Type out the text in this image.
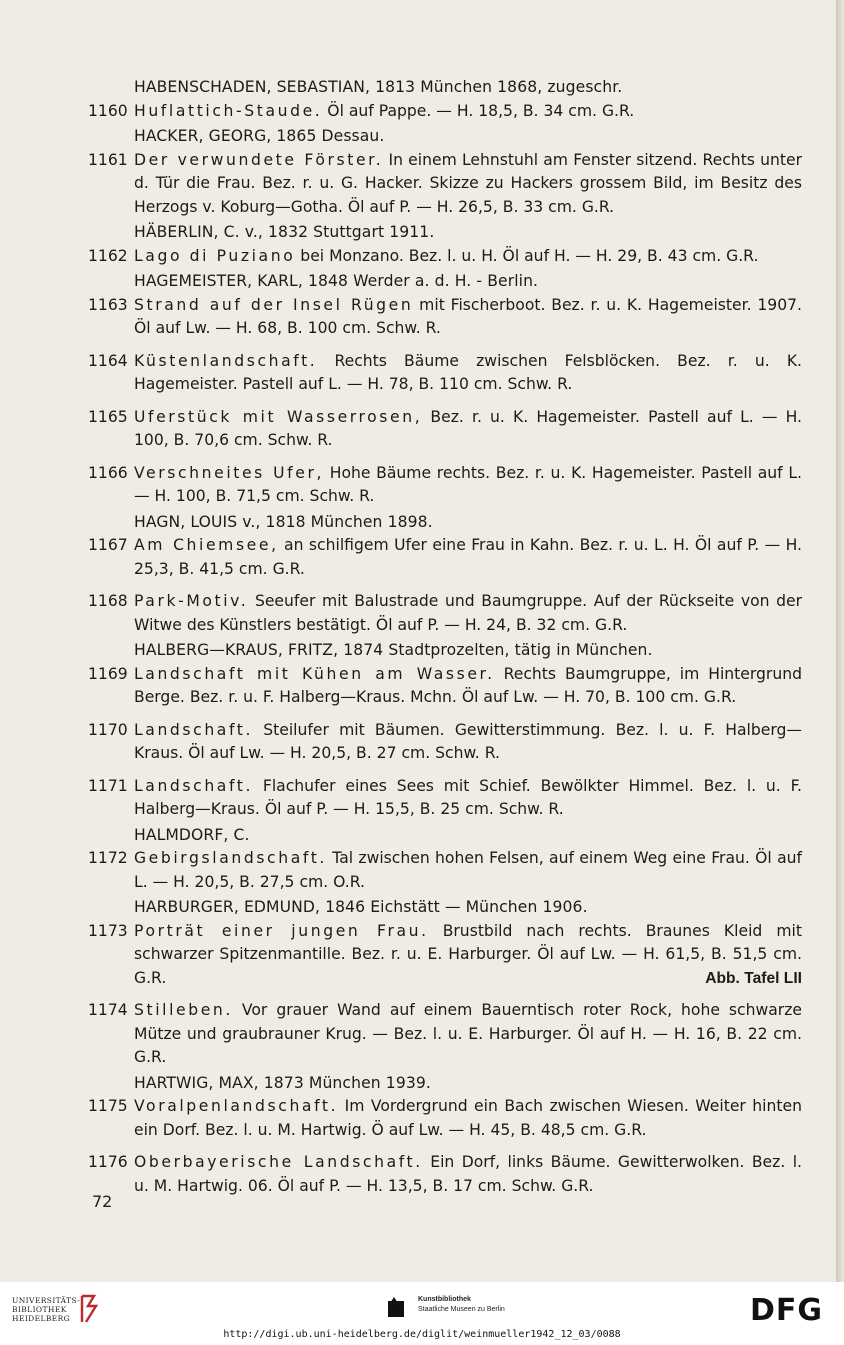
HABENSCHADEN, SEBASTIAN, 1813 München 1868, zugeschr.
1160 Huflattich-Staude. Öl auf Pappe. — H. 18,5, B. 34 cm. G.R.
HACKER, GEORG, 1865 Dessau.
1161 Der verwundete Förster. In einem Lehnstuhl am Fenster sitzend. Rechts unter d. Tür die Frau. Bez. r. u. G. Hacker. Skizze zu Hackers grossem Bild, im Besitz des Herzogs v. Koburg—Gotha. Öl auf P. — H. 26,5, B. 33 cm. G.R.
HÄBERLIN, C. v., 1832 Stuttgart 1911.
1162 Lago di Puziano bei Monzano. Bez. l. u. H. Öl auf H. — H. 29, B. 43 cm. G.R.
HAGEMEISTER, KARL, 1848 Werder a. d. H. - Berlin.
1163 Strand auf der Insel Rügen mit Fischerboot. Bez. r. u. K. Hagemeister. 1907. Öl auf Lw. — H. 68, B. 100 cm. Schw. R.
1164 Küstenlandschaft. Rechts Bäume zwischen Felsblöcken. Bez. r. u. K. Hagemeister. Pastell auf L. — H. 78, B. 110 cm. Schw. R.
1165 Uferstück mit Wasserrosen, Bez. r. u. K. Hagemeister. Pastell auf L. — H. 100, B. 70,6 cm. Schw. R.
1166 Verschneites Ufer, Hohe Bäume rechts. Bez. r. u. K. Hagemeister. Pastell auf L. — H. 100, B. 71,5 cm. Schw. R.
HAGN, LOUIS v., 1818 München 1898.
1167 Am Chiemsee, an schilfigem Ufer eine Frau in Kahn. Bez. r. u. L. H. Öl auf P. — H. 25,3, B. 41,5 cm. G.R.
1168 Park-Motiv. Seeufer mit Balustrade und Baumgruppe. Auf der Rückseite von der Witwe des Künstlers bestätigt. Öl auf P. — H. 24, B. 32 cm. G.R.
HALBERG—KRAUS, FRITZ, 1874 Stadtprozelten, tätig in München.
1169 Landschaft mit Kühen am Wasser. Rechts Baumgruppe, im Hintergrund Berge. Bez. r. u. F. Halberg—Kraus. Mchn. Öl auf Lw. — H. 70, B. 100 cm. G.R.
1170 Landschaft. Steilufer mit Bäumen. Gewitterstimmung. Bez. l. u. F. Halberg—Kraus. Öl auf Lw. — H. 20,5, B. 27 cm. Schw. R.
1171 Landschaft. Flachufer eines Sees mit Schief. Bewölkter Himmel. Bez. l. u. F. Halberg—Kraus. Öl auf P. — H. 15,5, B. 25 cm. Schw. R.
HALMDORF, C.
1172 Gebirgslandschaft. Tal zwischen hohen Felsen, auf einem Weg eine Frau. Öl auf L. — H. 20,5, B. 27,5 cm. O.R.
HARBURGER, EDMUND, 1846 Eichstätt — München 1906.
1173 Porträt einer jungen Frau. Brustbild nach rechts. Braunes Kleid mit schwarzer Spitzenmantille. Bez. r. u. E. Harburger. Öl auf Lw. — H. 61,5, B. 51,5 cm. G.R.	Abb. Tafel LII
1174 Stilleben. Vor grauer Wand auf einem Bauerntisch roter Rock, hohe schwarze Mütze und graubrauner Krug. — Bez. l. u. E. Harburger. Öl auf H. — H. 16, B. 22 cm. G.R.
HARTWIG, MAX, 1873 München 1939.
1175 Voralpenlandschaft. Im Vordergrund ein Bach zwischen Wiesen. Weiter hinten ein Dorf. Bez. l. u. M. Hartwig. Ö auf Lw. — H. 45, B. 48,5 cm. G.R.
1176 Oberbayerische Landschaft. Ein Dorf, links Bäume. Gewitterwolken. Bez. l. u. M. Hartwig. 06. Öl auf P. — H. 13,5, B. 17 cm. Schw. G.R.
72
UNIVERSITÄTS-
BIBLIOTHEK
HEIDELBERG
Kunstbibliothek
Staatliche Museen zu Berlin	DFG
http://digi.ub.uni-heidelberg.de/diglit/weinmueller1942_12_03/0088
